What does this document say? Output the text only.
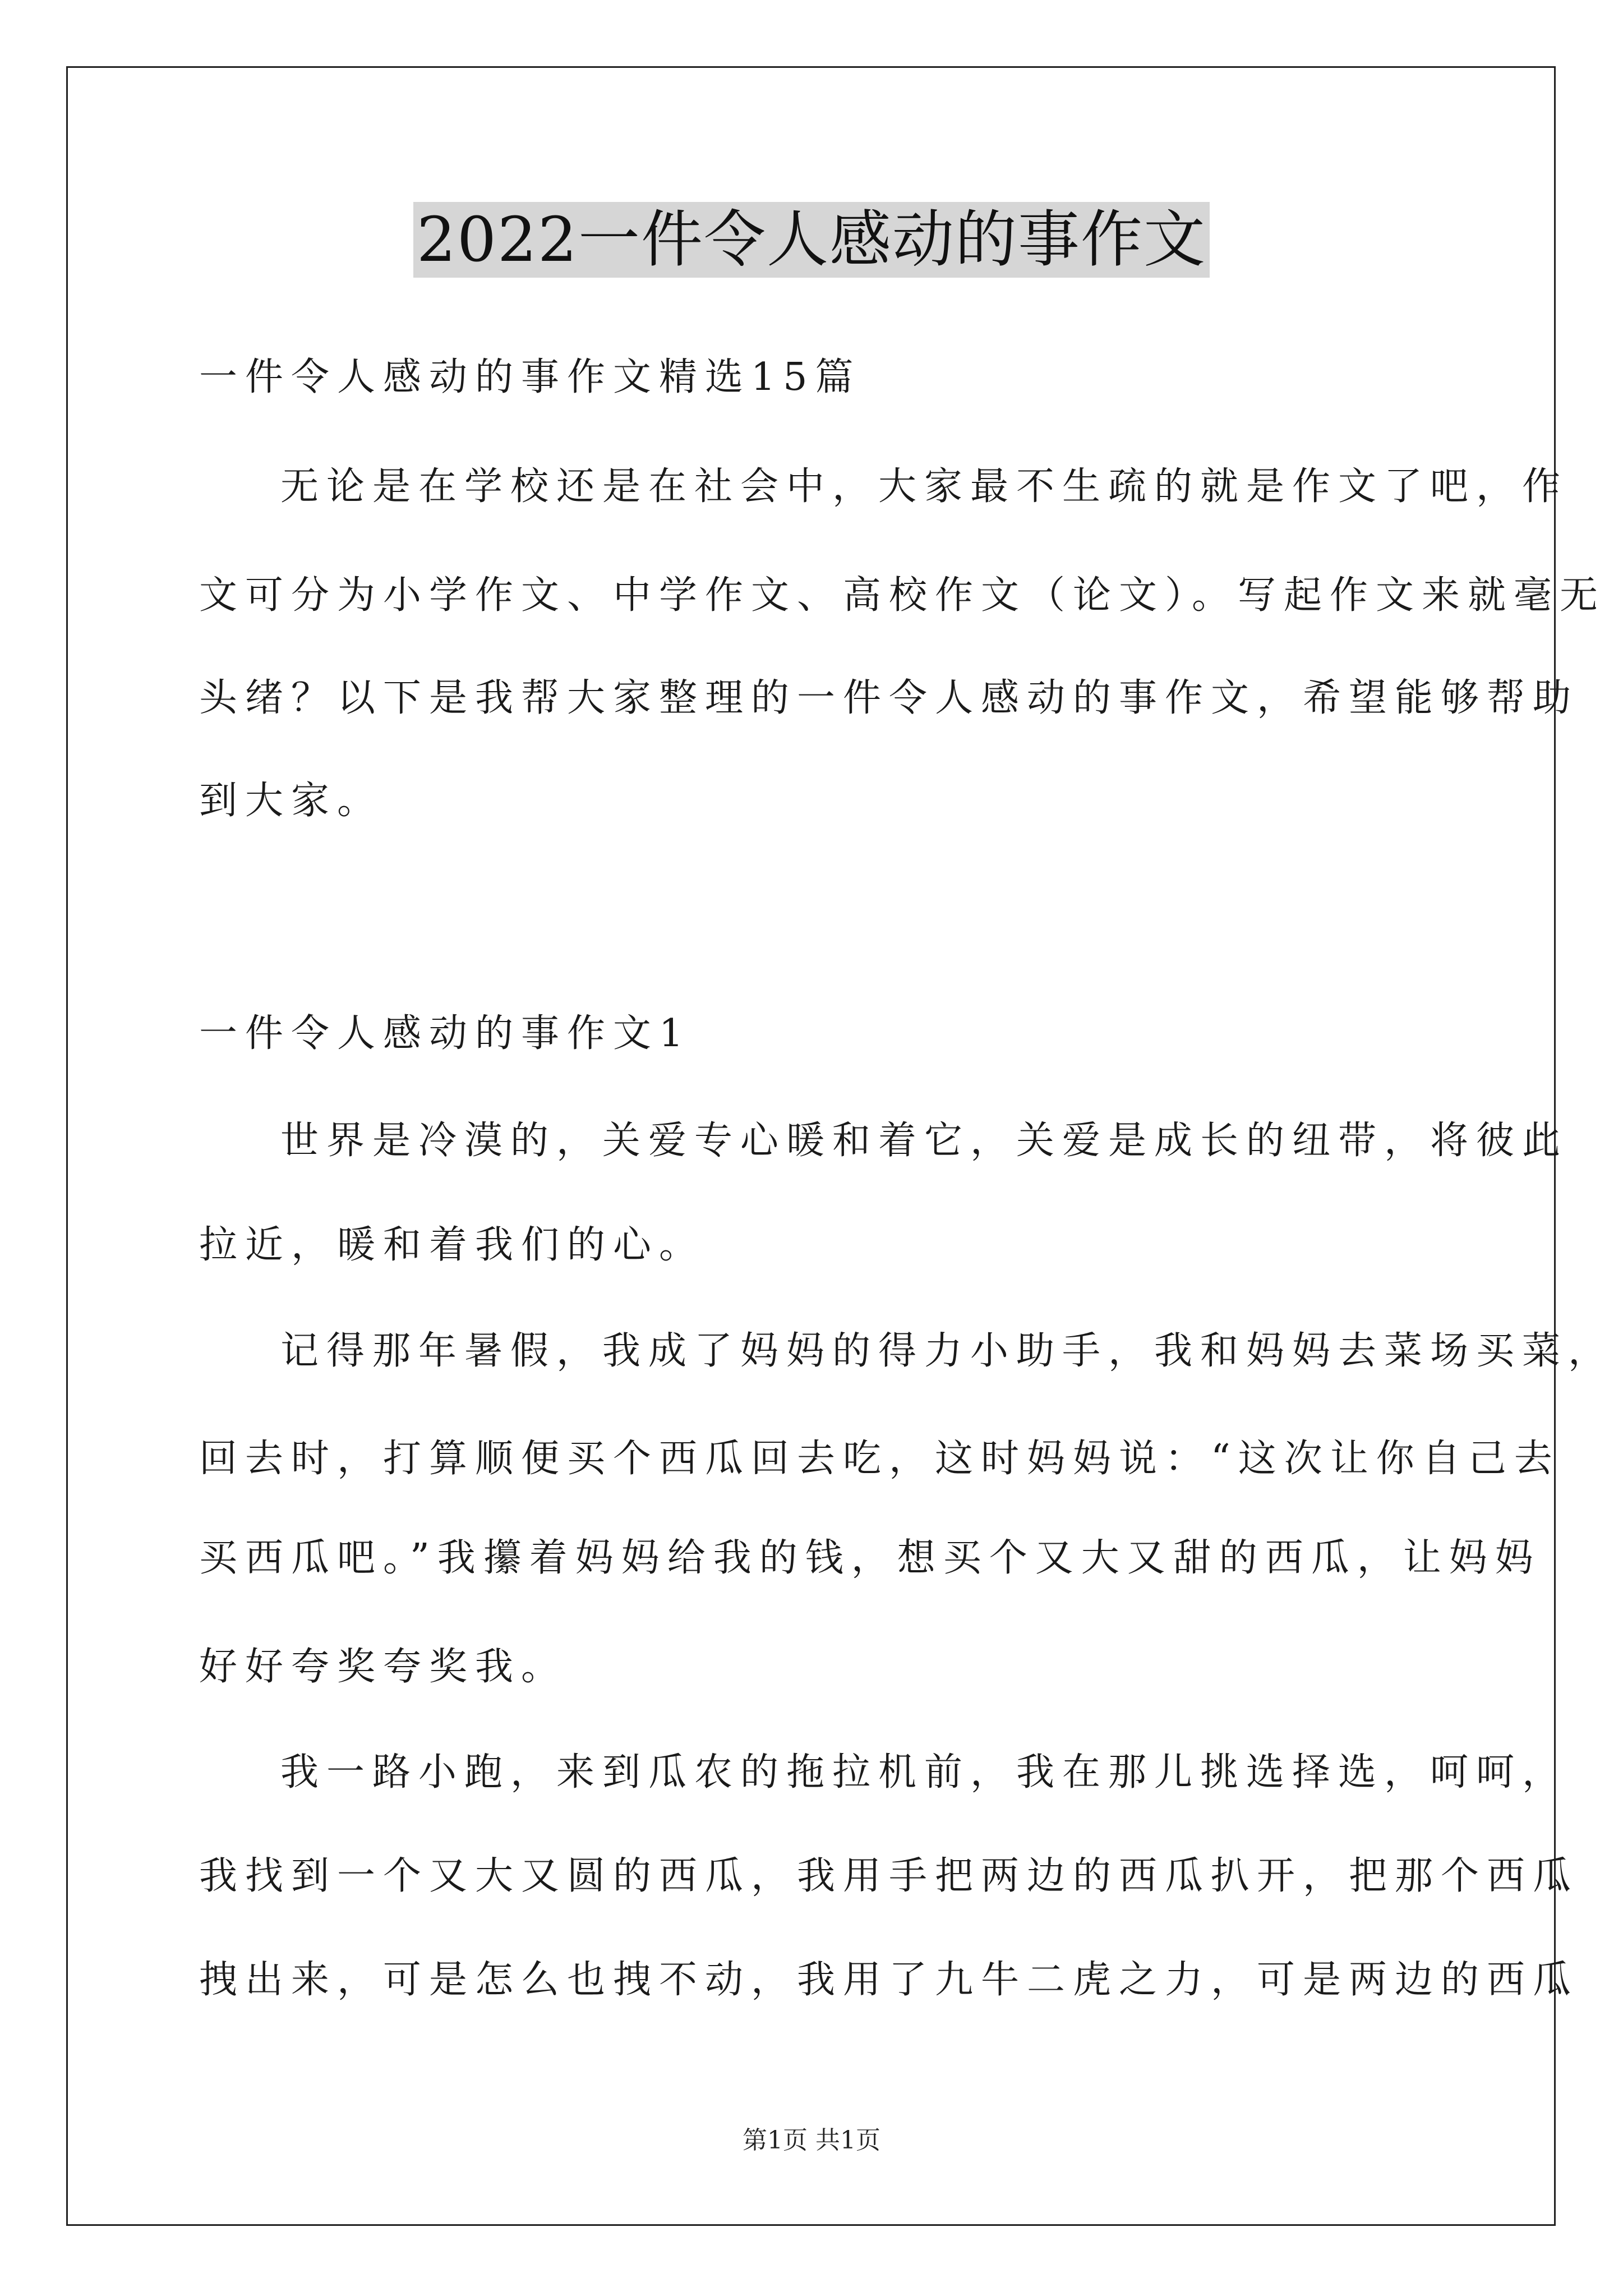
2022一件令人感动的事作文
一件令人感动的事作文精选15篇
无论是在学校还是在社会中，大家最不生疏的就是作文了吧，作
文可分为小学作文、中学作文、高校作文（论文）。写起作文来就毫无
头绪？以下是我帮大家整理的一件令人感动的事作文，希望能够帮助
到大家。
一件令人感动的事作文1
世界是冷漠的，关爱专心暖和着它，关爱是成长的纽带，将彼此
拉近，暖和着我们的心。
记得那年暑假，我成了妈妈的得力小助手，我和妈妈去菜场买菜，
回去时，打算顺便买个西瓜回去吃，这时妈妈说：“这次让你自己去
买西瓜吧。”我攥着妈妈给我的钱，想买个又大又甜的西瓜，让妈妈
好好夸奖夸奖我。
我一路小跑，来到瓜农的拖拉机前，我在那儿挑选择选，呵呵，
我找到一个又大又圆的西瓜，我用手把两边的西瓜扒开，把那个西瓜
拽出来，可是怎么也拽不动，我用了九牛二虎之力，可是两边的西瓜
第1页 共1页
